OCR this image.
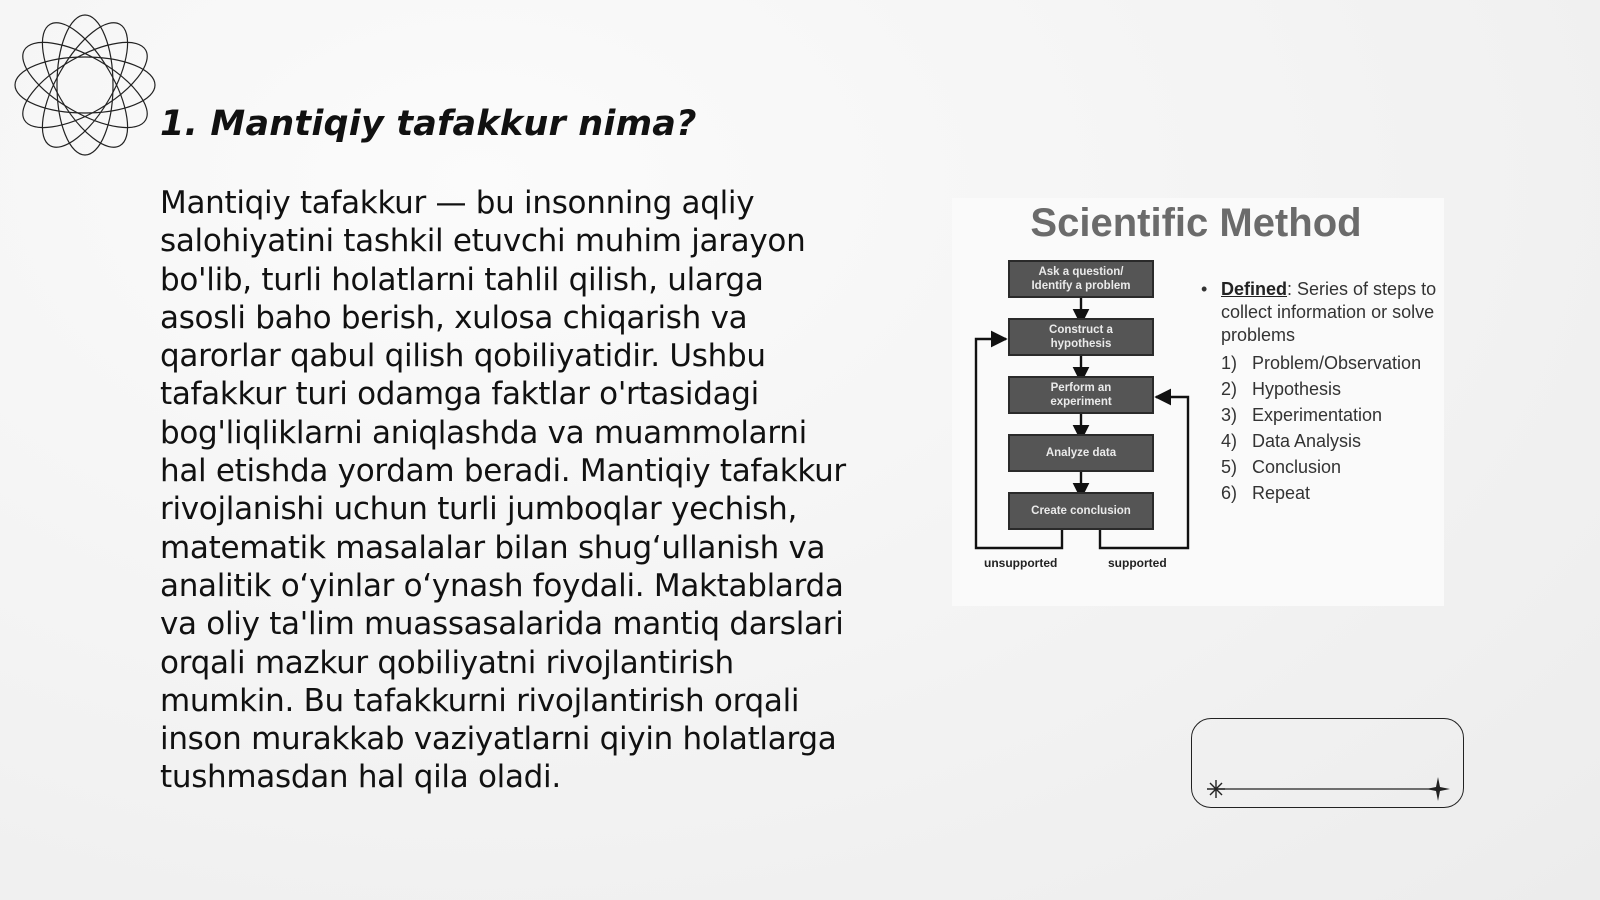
1. Mantiqiy tafakkur nima?

Mantiqiy tafakkur — bu insonning aqliy salohiyatini tashkil etuvchi muhim jarayon bo'lib, turli holatlarni tahlil qilish, ularga asosli baho berish, xulosa chiqarish va qarorlar qabul qilish qobiliyatidir. Ushbu tafakkur turi odamga faktlar o'rtasidagi bog'liqliklarni aniqlashda va muammolarni hal etishda yordam beradi. Mantiqiy tafakkur rivojlanishi uchun turli jumboqlar yechish, matematik masalalar bilan shug‘ullanish va analitik o‘yinlar o‘ynash foydali. Maktablarda va oliy ta'lim muassasalarida mantiq darslari orqali mazkur qobiliyatni rivojlantirish mumkin. Bu tafakkurni rivojlantirish orqali inson murakkab vaziyatlarni qiyin holatlarga tushmasdan hal qila oladi.

Scientific Method
Ask a question/
Identify a problem
Construct a
hypothesis
Perform an
experiment
Analyze data
Create conclusion
unsupported	supported
• Defined: Series of steps to collect information or solve problems
1) Problem/Observation
2) Hypothesis
3) Experimentation
4) Data Analysis
5) Conclusion
6) Repeat
